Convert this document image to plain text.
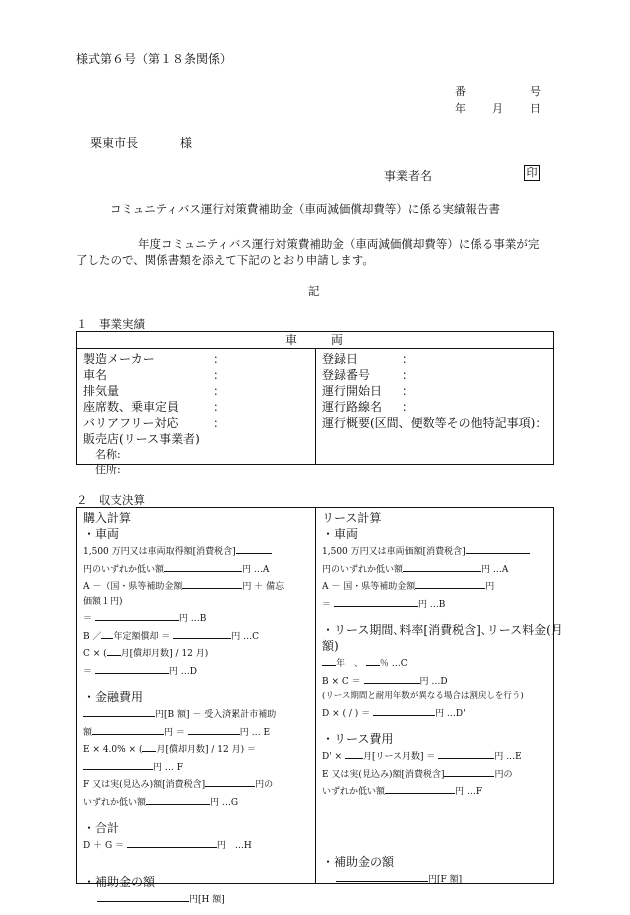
様式第６号（第１８条関係）
番	号
年 月 日
栗東市長	様
事業者名	印
コミュニティバス運行対策費補助金（車両減価償却費等）に係る実績報告書
年度コミュニティバス運行対策費補助金（車両減価償却費等）に係る事業が完
了したので、関係書類を添えて下記のとおり申請します。
記
１　事業実績
車	両
製造メーカー	：
車名	：
排気量	：
座席数、乗車定員	：
バリアフリー対応	：
販売店(リース事業者)
名称:
住所:
登録日	：
登録番号	：
運行開始日 ：
運行路線名 ：
運行概要(区間、便数等その他特記事項)：
２　収支決算
購入計算
・車両
1,500 万円又は車両取得額[消費税含]
円のいずれか低い額	円 …A
A －（国・県等補助金額	円 ＋ 備忘
価額１円)
＝	円 …B
B ／ 年定額償却 ＝	円 …C
C × ( 月[償却月数] / 12 月)
＝	円 …D
・金融費用
円[B 額] － 受入済累計市補助
額	円 ＝	円 … E
E × 4.0% × ( 月[償却月数] / 12 月) ＝
円 … F
F 又は実(見込み)額[消費税含]	円の
いずれか低い額	円 …G
・合計
D ＋ G ＝	円　…H
・補助金の額
円[H 額]
リース計算
・車両
1,500 万円又は車両価額[消費税含]
円のいずれか低い額	円 …A
A － 国・県等補助金額	円
＝	円 …B
・リース期間､料率[消費税含]､リース料金(月
額)
年　、 ％ …C
B × C ＝	円 …D
(リース期間と耐用年数が異なる場合は割戻しを行う)
D × ( / ) ＝	円 …D'
・リース費用
D' × 月[リース月数] ＝	円 …E
E 又は実(見込み)額[消費税含]	円の
いずれか低い額	円 …F
・補助金の額
円[F 額]
